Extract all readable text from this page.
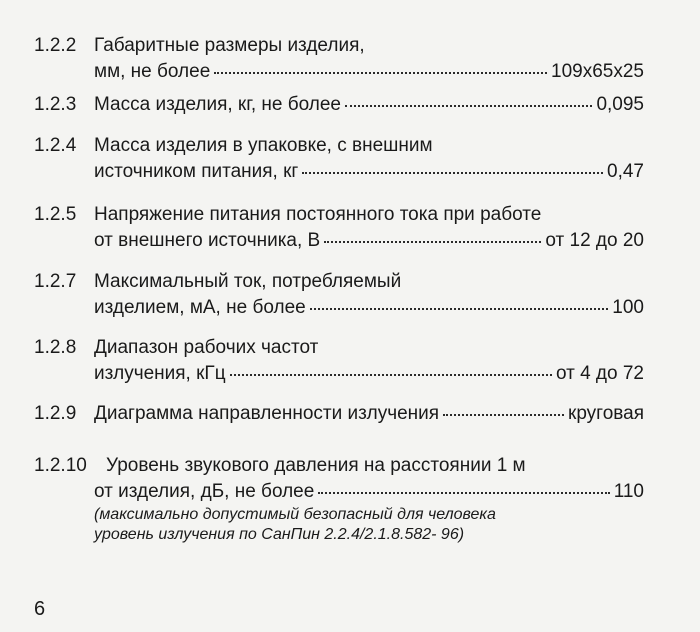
1.2.2 Габаритные размеры изделия,
мм, не более	109x65x25
1.2.3 Масса изделия, кг, не более	0,095
1.2.4 Масса изделия в упаковке, с внешним
источником питания, кг	0,47
1.2.5 Напряжение питания постоянного тока при работе
от внешнего источника, В	от 12 до 20
1.2.7 Максимальный ток, потребляемый
изделием, мА, не более	100
1.2.8 Диапазон рабочих частот
излучения, кГц	от 4 до 72
1.2.9 Диаграмма направленности излучения	круговая
1.2.10	Уровень звукового давления на расстоянии 1 м
от изделия, дБ, не более	110
(максимально допустимый безопасный для человека
уровень излучения по СанПин 2.2.4/2.1.8.582- 96)
6
